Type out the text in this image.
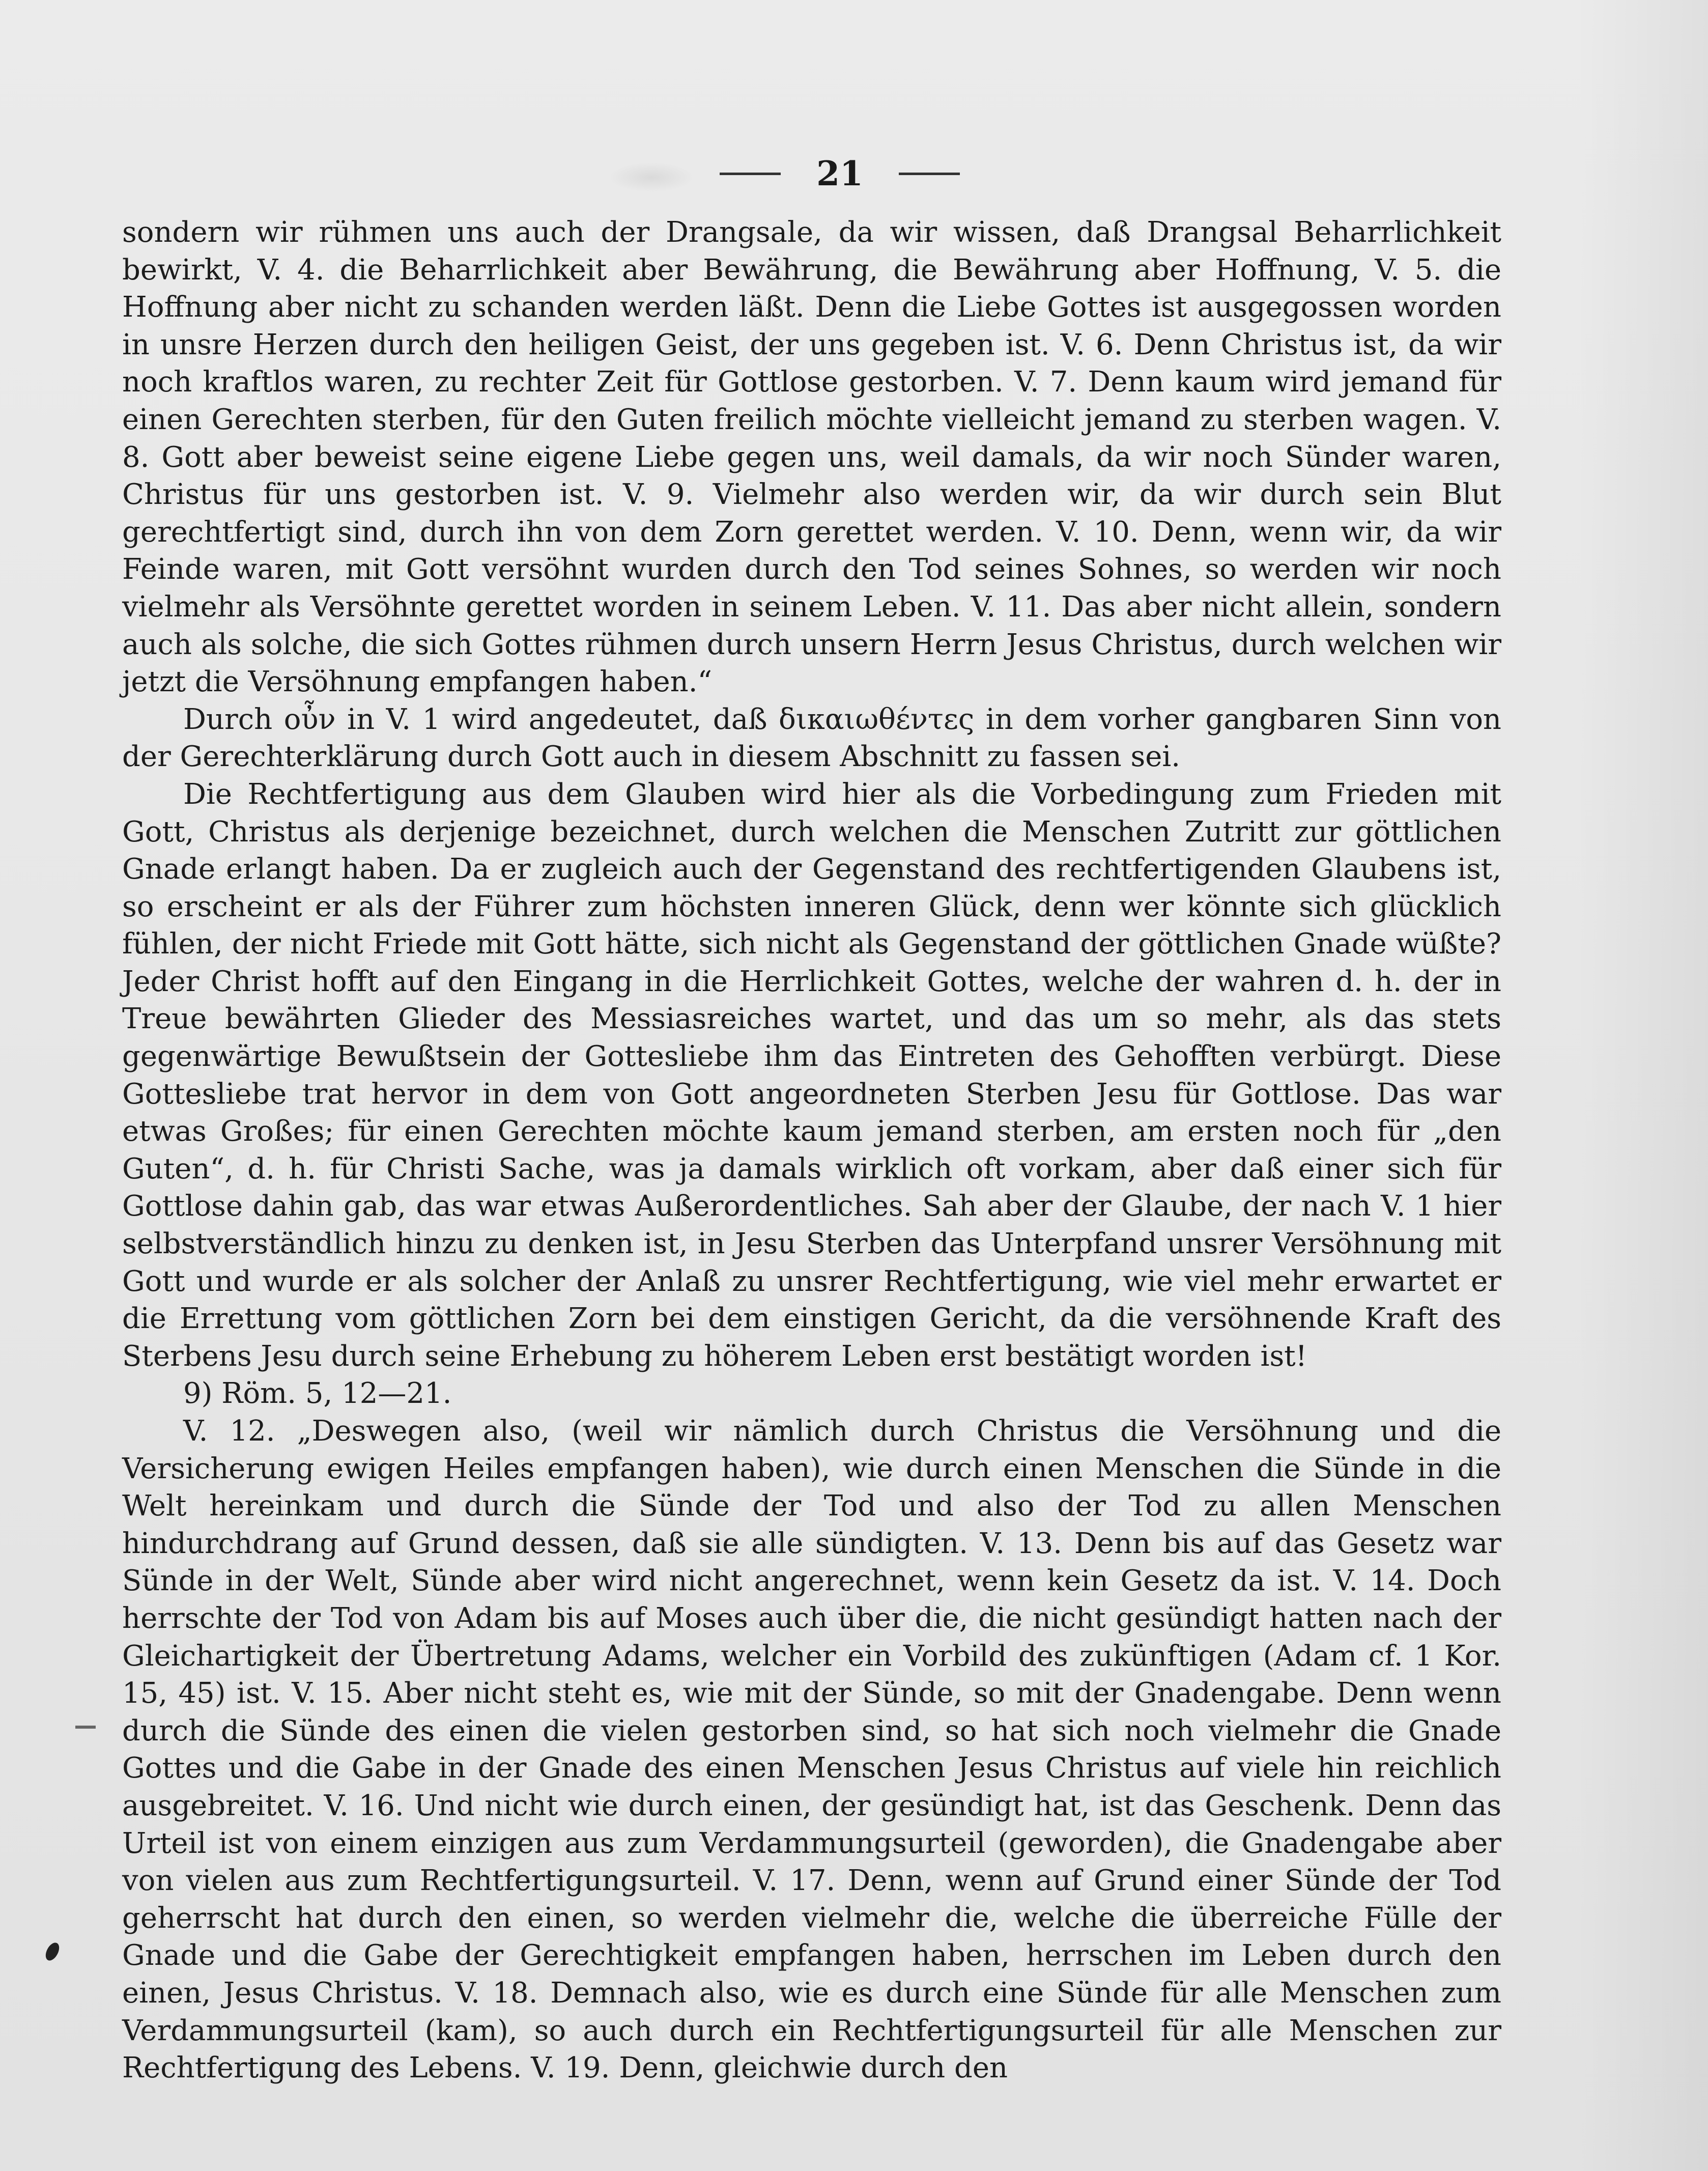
21

sondern wir rühmen uns auch der Drangsale, da wir wissen, daß Drangsal Beharrlichkeit bewirkt, V. 4. die Beharrlichkeit aber Bewährung, die Bewährung aber Hoffnung, V. 5. die Hoffnung aber nicht zu schanden werden läßt. Denn die Liebe Gottes ist ausgegossen worden in unsre Herzen durch den heiligen Geist, der uns gegeben ist. V. 6. Denn Christus ist, da wir noch kraftlos waren, zu rechter Zeit für Gottlose gestorben. V. 7. Denn kaum wird jemand für einen Gerechten sterben, für den Guten freilich möchte vielleicht jemand zu sterben wagen. V. 8. Gott aber beweist seine eigene Liebe gegen uns, weil damals, da wir noch Sünder waren, Christus für uns gestorben ist. V. 9. Vielmehr also werden wir, da wir durch sein Blut gerechtfertigt sind, durch ihn von dem Zorn gerettet werden. V. 10. Denn, wenn wir, da wir Feinde waren, mit Gott versöhnt wurden durch den Tod seines Sohnes, so werden wir noch vielmehr als Versöhnte gerettet worden in seinem Leben. V. 11. Das aber nicht allein, sondern auch als solche, die sich Gottes rühmen durch unsern Herrn Jesus Christus, durch welchen wir jetzt die Versöhnung empfangen haben.“

Durch οὖν in V. 1 wird angedeutet, daß δικαιωθέντες in dem vorher gangbaren Sinn von der Gerechterklärung durch Gott auch in diesem Abschnitt zu fassen sei.

Die Rechtfertigung aus dem Glauben wird hier als die Vorbedingung zum Frieden mit Gott, Christus als derjenige bezeichnet, durch welchen die Menschen Zutritt zur göttlichen Gnade erlangt haben. Da er zugleich auch der Gegenstand des rechtfertigenden Glaubens ist, so erscheint er als der Führer zum höchsten inneren Glück, denn wer könnte sich glücklich fühlen, der nicht Friede mit Gott hätte, sich nicht als Gegenstand der göttlichen Gnade wüßte? Jeder Christ hofft auf den Eingang in die Herrlichkeit Gottes, welche der wahren d. h. der in Treue bewährten Glieder des Messiasreiches wartet, und das um so mehr, als das stets gegenwärtige Bewußtsein der Gottesliebe ihm das Eintreten des Gehofften verbürgt. Diese Gottesliebe trat hervor in dem von Gott angeordneten Sterben Jesu für Gottlose. Das war etwas Großes; für einen Gerechten möchte kaum jemand sterben, am ersten noch für „den Guten“, d. h. für Christi Sache, was ja damals wirklich oft vorkam, aber daß einer sich für Gottlose dahin gab, das war etwas Außerordentliches. Sah aber der Glaube, der nach V. 1 hier selbstverständlich hinzu zu denken ist, in Jesu Sterben das Unterpfand unsrer Versöhnung mit Gott und wurde er als solcher der Anlaß zu unsrer Rechtfertigung, wie viel mehr erwartet er die Errettung vom göttlichen Zorn bei dem einstigen Gericht, da die versöhnende Kraft des Sterbens Jesu durch seine Erhebung zu höherem Leben erst bestätigt worden ist!

9) Röm. 5, 12—21.

V. 12. „Deswegen also, (weil wir nämlich durch Christus die Versöhnung und die Versicherung ewigen Heiles empfangen haben), wie durch einen Menschen die Sünde in die Welt hereinkam und durch die Sünde der Tod und also der Tod zu allen Menschen hindurchdrang auf Grund dessen, daß sie alle sündigten. V. 13. Denn bis auf das Gesetz war Sünde in der Welt, Sünde aber wird nicht angerechnet, wenn kein Gesetz da ist. V. 14. Doch herrschte der Tod von Adam bis auf Moses auch über die, die nicht gesündigt hatten nach der Gleichartigkeit der Übertretung Adams, welcher ein Vorbild des zukünftigen (Adam cf. 1 Kor. 15, 45) ist. V. 15. Aber nicht steht es, wie mit der Sünde, so mit der Gnadengabe. Denn wenn durch die Sünde des einen die vielen gestorben sind, so hat sich noch vielmehr die Gnade Gottes und die Gabe in der Gnade des einen Menschen Jesus Christus auf viele hin reichlich ausgebreitet. V. 16. Und nicht wie durch einen, der gesündigt hat, ist das Geschenk. Denn das Urteil ist von einem einzigen aus zum Verdammungsurteil (geworden), die Gnadengabe aber von vielen aus zum Rechtfertigungsurteil. V. 17. Denn, wenn auf Grund einer Sünde der Tod geherrscht hat durch den einen, so werden vielmehr die, welche die überreiche Fülle der Gnade und die Gabe der Gerechtigkeit empfangen haben, herrschen im Leben durch den einen, Jesus Christus. V. 18. Demnach also, wie es durch eine Sünde für alle Menschen zum Verdammungsurteil (kam), so auch durch ein Rechtfertigungsurteil für alle Menschen zur Rechtfertigung des Lebens. V. 19. Denn, gleichwie durch den
